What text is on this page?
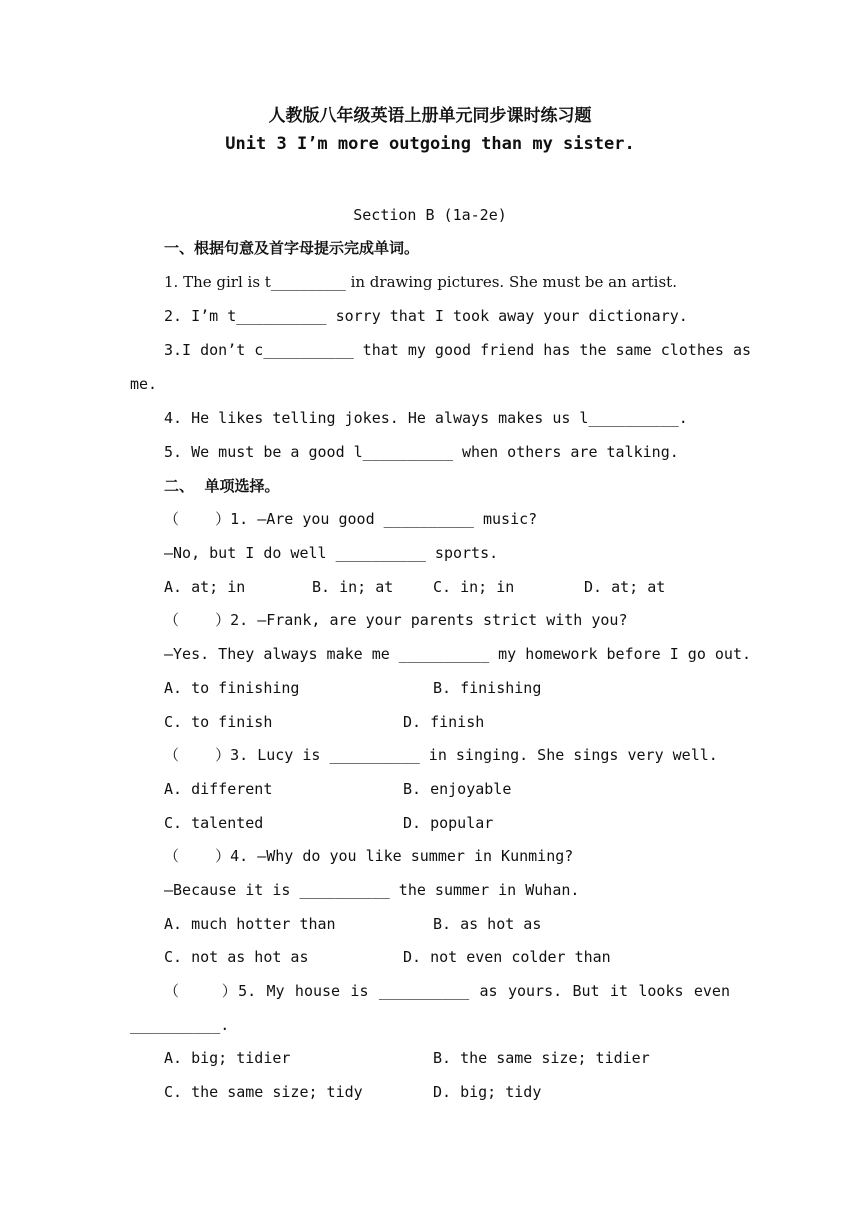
人教版八年级英语上册单元同步课时练习题
Unit 3 I’m more outgoing than my sister.
Section B (1a-2e)
一、根据句意及首字母提示完成单词。
1. The girl is t__________ in drawing pictures. She must be an artist.
2. I’m t__________ sorry that I took away your dictionary.
3.I don’t c__________ that my good friend has the same clothes as
me.
4. He likes telling jokes. He always makes us l__________.
5. We must be a good l__________ when others are talking.
二、  单项选择。
（    ）1. —Are you good __________ music?
—No, but I do well __________ sports.
A. at; in	B. in; at	C. in; in	D. at; at
（    ）2. —Frank, are your parents strict with you?
—Yes. They always make me __________ my homework before I go out.
A. to finishing	B. finishing
C. to finish	D. finish
（    ）3. Lucy is __________ in singing. She sings very well.
A. different	B. enjoyable
C. talented	D. popular
（    ）4. —Why do you like summer in Kunming?
—Because it is __________ the summer in Wuhan.
A. much hotter than	B. as hot as
C. not as hot as	D. not even colder than
（    ）5. My house is __________ as yours. But it looks even
__________.
A. big; tidier	B. the same size; tidier
C. the same size; tidy	D. big; tidy
